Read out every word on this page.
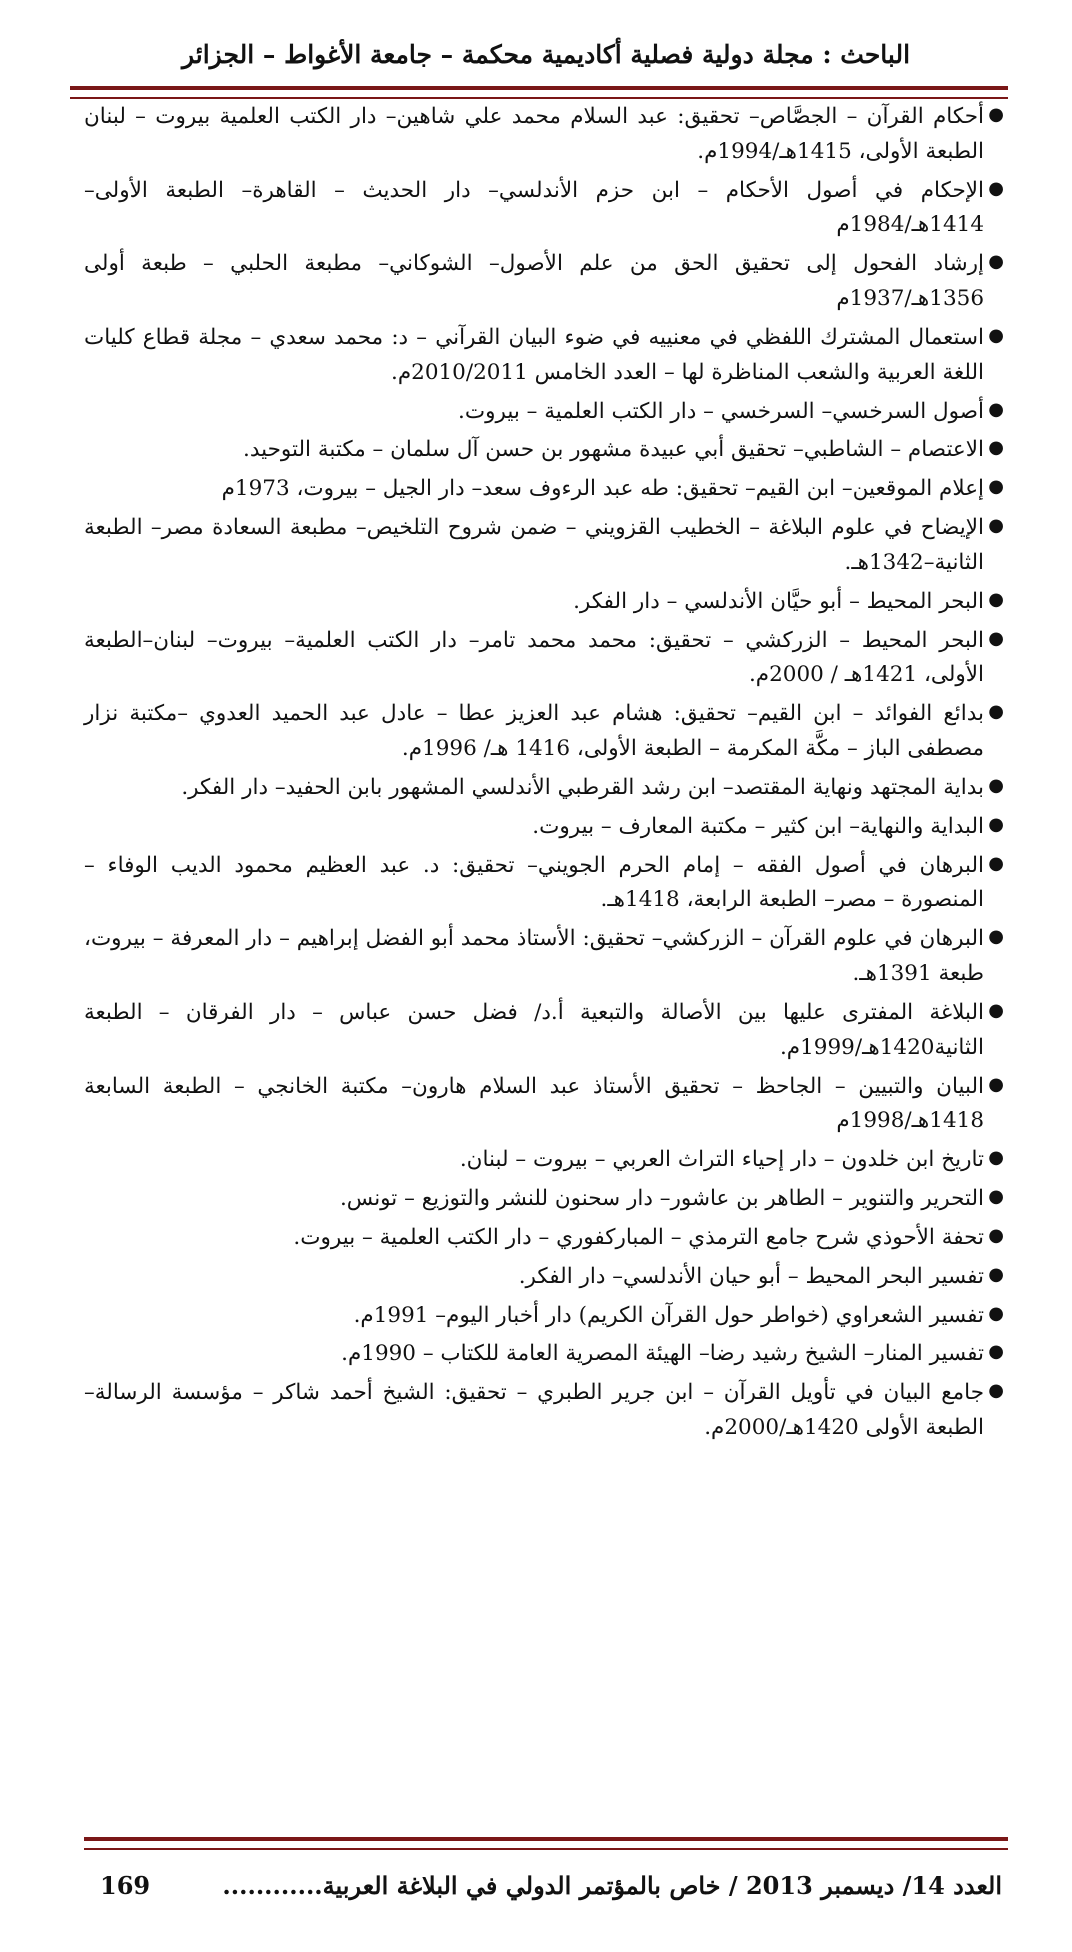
الباحث : مجلة دولية فصلية أكاديمية محكمة – جامعة الأغواط – الجزائر
●
أحكام القرآن – الجصَّاص– تحقيق: عبد السلام محمد علي شاهين– دار الكتب العلمية بيروت – لبنان الطبعة الأولى، 1415هـ/1994م.
●
الإحكام في أصول الأحكام – ابن حزم الأندلسي– دار الحديث – القاهرة– الطبعة الأولى– 1414هـ/1984م
●
إرشاد الفحول إلى تحقيق الحق من علم الأصول– الشوكاني– مطبعة الحلبي – طبعة أولى 1356هـ/1937م
●
استعمال المشترك اللفظي في معنييه في ضوء البيان القرآني – د: محمد سعدي – مجلة قطاع كليات اللغة العربية والشعب المناظرة لها – العدد الخامس 2010/2011م.
●
أصول السرخسي– السرخسي – دار الكتب العلمية – بيروت.
●
الاعتصام – الشاطبي– تحقيق أبي عبيدة مشهور بن حسن آل سلمان – مكتبة التوحيد.
●
إعلام الموقعين– ابن القيم– تحقيق: طه عبد الرءوف سعد– دار الجيل – بيروت، 1973م
●
الإيضاح في علوم البلاغة – الخطيب القزويني – ضمن شروح التلخيص– مطبعة السعادة مصر– الطبعة الثانية–1342هـ.
●
البحر المحيط – أبو حيَّان الأندلسي – دار الفكر.
●
البحر المحيط – الزركشي – تحقيق: محمد محمد تامر– دار الكتب العلمية– بيروت– لبنان–الطبعة الأولى، 1421هـ / 2000م.
●
بدائع الفوائد – ابن القيم– تحقيق: هشام عبد العزيز عطا – عادل عبد الحميد العدوي –مكتبة نزار مصطفى الباز – مكَّة المكرمة – الطبعة الأولى، 1416 هـ/ 1996م.
●
بداية المجتهد ونهاية المقتصد– ابن رشد القرطبي الأندلسي المشهور بابن الحفيد– دار الفكر.
●
البداية والنهاية– ابن كثير – مكتبة المعارف – بيروت.
●
البرهان في أصول الفقه – إمام الحرم الجويني– تحقيق: د. عبد العظيم محمود الديب الوفاء – المنصورة – مصر– الطبعة الرابعة، 1418هـ.
●
البرهان في علوم القرآن – الزركشي– تحقيق: الأستاذ محمد أبو الفضل إبراهيم – دار المعرفة – بيروت، طبعة 1391هـ.
●
البلاغة المفترى عليها بين الأصالة والتبعية أ.د/ فضل حسن عباس – دار الفرقان – الطبعة الثانية1420هـ/1999م.
●
البيان والتبيين – الجاحظ – تحقيق الأستاذ عبد السلام هارون– مكتبة الخانجي – الطبعة السابعة 1418هـ/1998م
●
تاريخ ابن خلدون – دار إحياء التراث العربي – بيروت – لبنان.
●
التحرير والتنوير – الطاهر بن عاشور– دار سحنون للنشر والتوزيع – تونس.
●
تحفة الأحوذي شرح جامع الترمذي – المباركفوري – دار الكتب العلمية – بيروت.
●
تفسير البحر المحيط – أبو حيان الأندلسي– دار الفكر.
●
تفسير الشعراوي (خواطر حول القرآن الكريم) دار أخبار اليوم– 1991م.
●
تفسير المنار– الشيخ رشيد رضا– الهيئة المصرية العامة للكتاب – 1990م.
●
جامع البيان في تأويل القرآن – ابن جرير الطبري – تحقيق: الشيخ أحمد شاكر – مؤسسة الرسالة– الطبعة الأولى 1420هـ/2000م.
العدد 14/ ديسمبر 2013 / خاص بالمؤتمر الدولي في البلاغة العربية............
169
